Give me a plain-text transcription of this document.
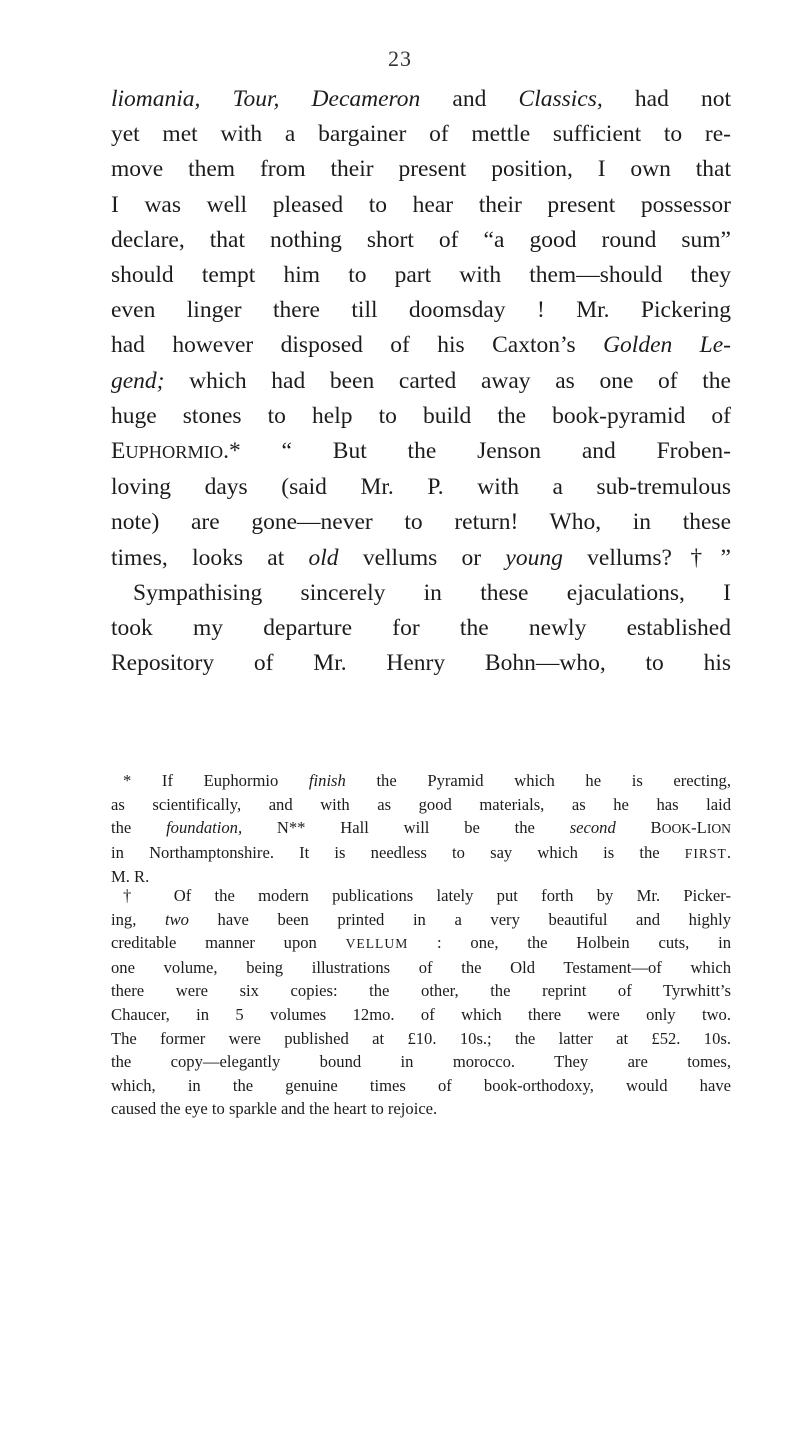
23
liomania, Tour, Decameron and Classics, had not
yet met with a bargainer of mettle sufficient to re-
move them from their present position, I own that
I was well pleased to hear their present possessor
declare, that nothing short of “a good round sum”
should tempt him to part with them—should they
even linger there till doomsday ! Mr. Pickering
had however disposed of his Caxton’s Golden Le-
gend; which had been carted away as one of the
huge stones to help to build the book-pyramid of
EUPHORMIO.* “ But the Jenson and Froben-
loving days (said Mr. P. with a sub-tremulous
note) are gone—never to return! Who, in these
times, looks at old vellums or young vellums?†”
Sympathising sincerely in these ejaculations, I
took my departure for the newly established
Repository of Mr. Henry Bohn—who, to his
* If Euphormio finish the Pyramid which he is erecting,
as scientifically, and with as good materials, as he has laid
the foundation, N** Hall will be the second BOOK-LION
in Northamptonshire. It is needless to say which is the FIRST.
M. R.
† Of the modern publications lately put forth by Mr. Picker-
ing, two have been printed in a very beautiful and highly
creditable manner upon VELLUM : one, the Holbein cuts, in
one volume, being illustrations of the Old Testament—of which
there were six copies: the other, the reprint of Tyrwhitt’s
Chaucer, in 5 volumes 12mo. of which there were only two.
The former were published at £10. 10s.; the latter at £52. 10s.
the copy—elegantly bound in morocco. They are tomes,
which, in the genuine times of book-orthodoxy, would have
caused the eye to sparkle and the heart to rejoice.
